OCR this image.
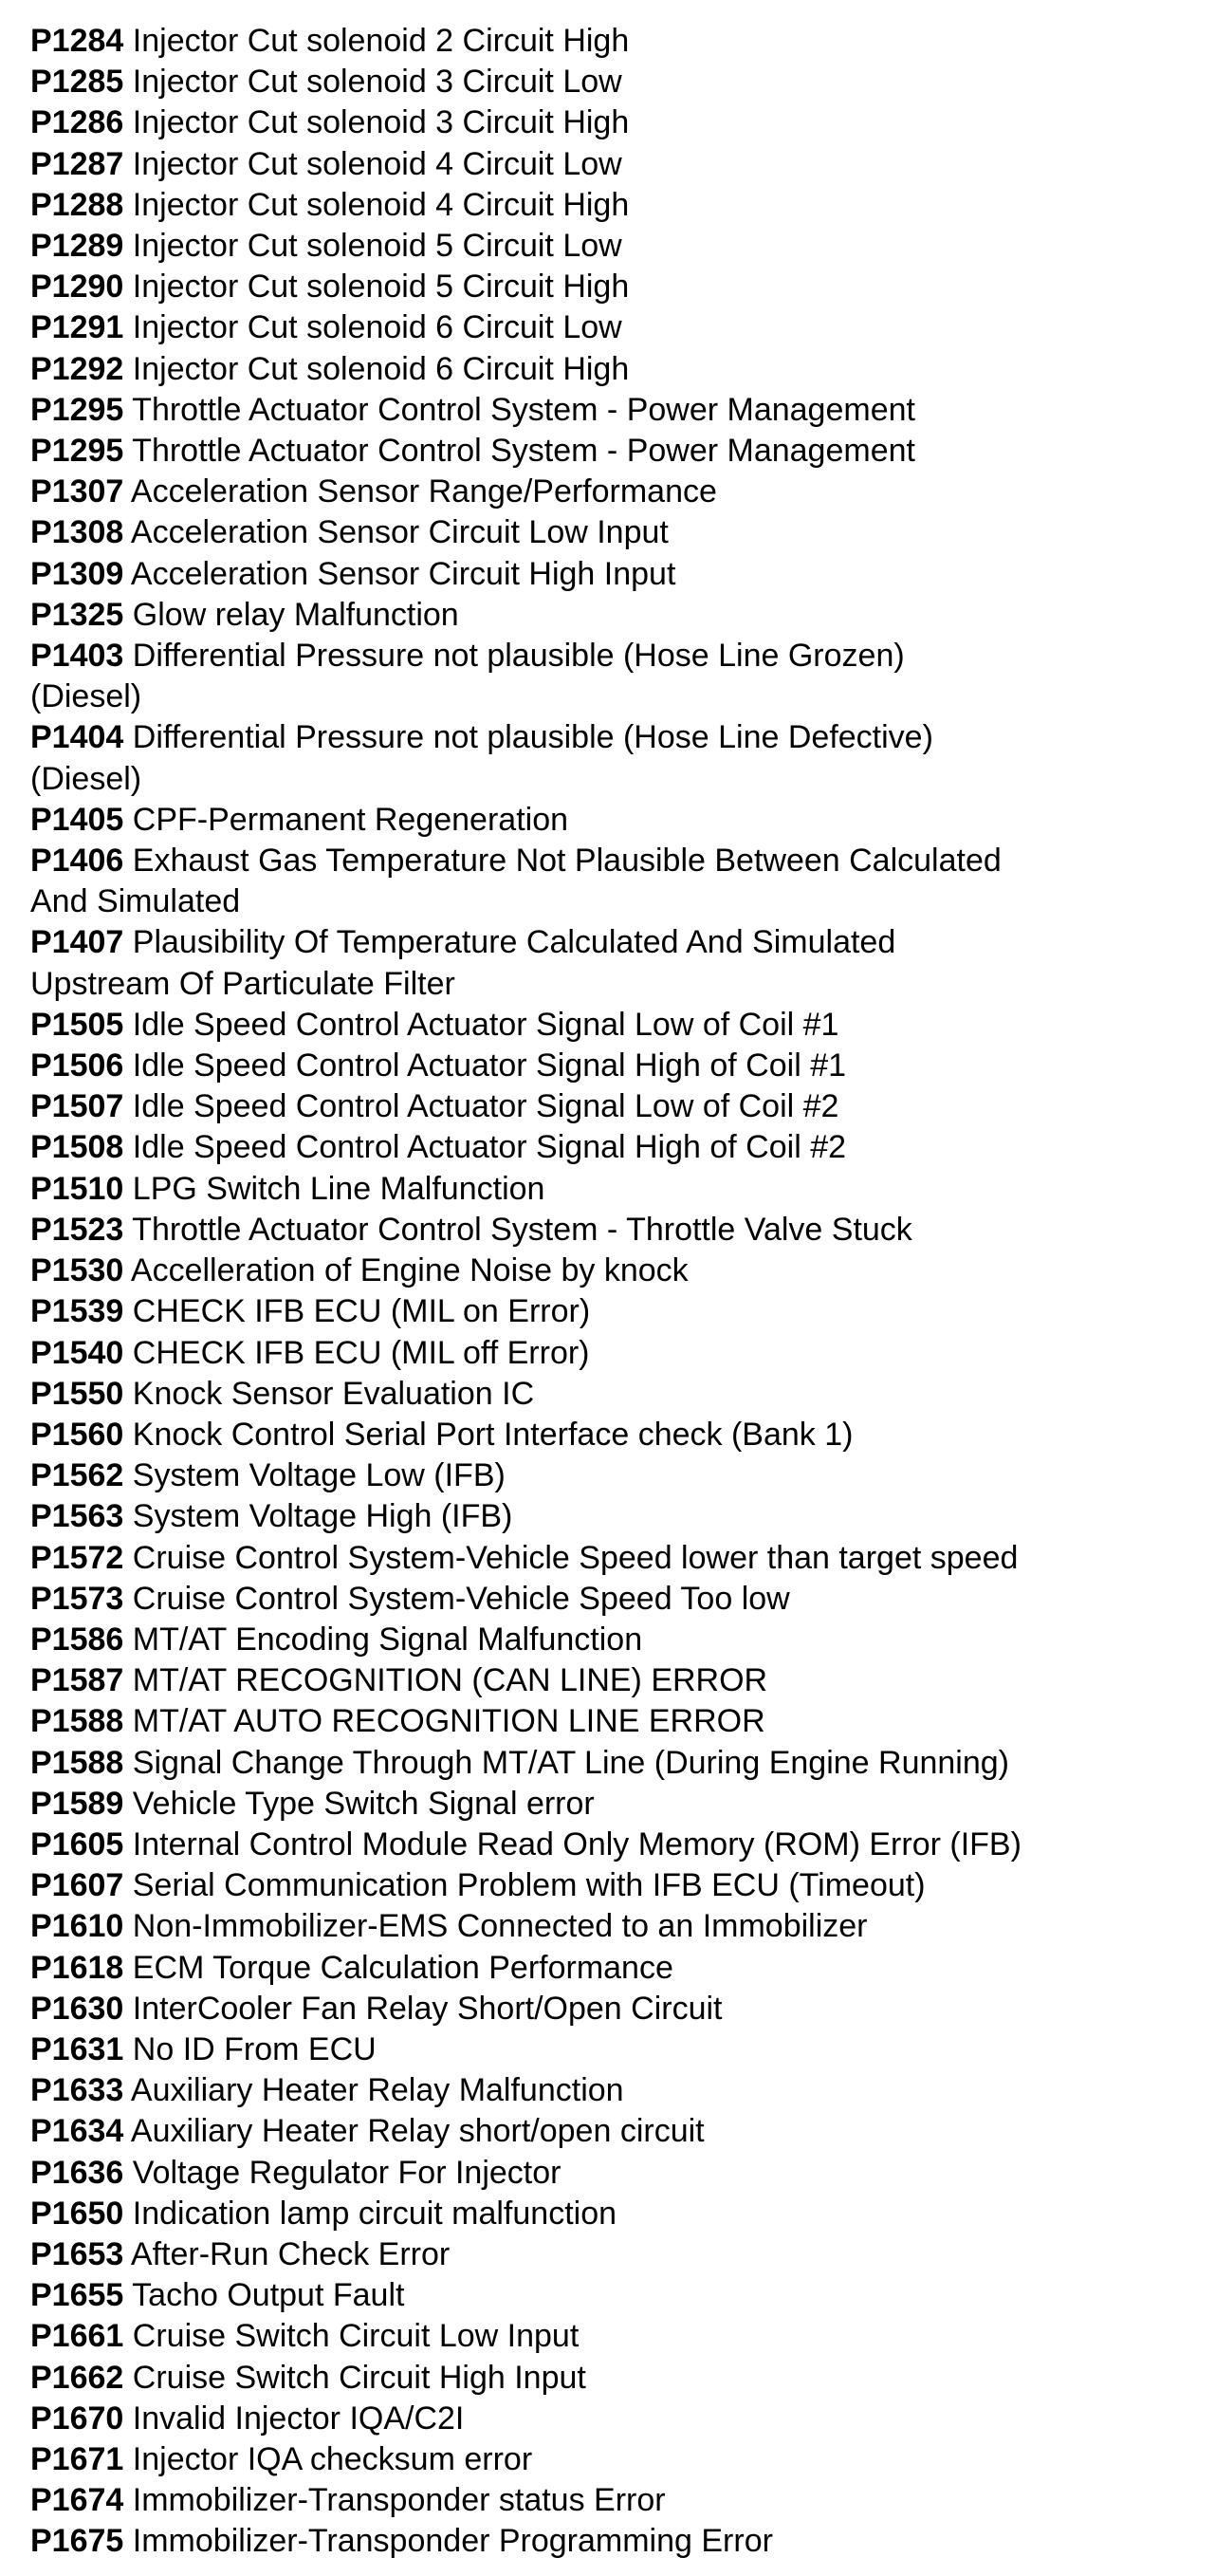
P1284 Injector Cut solenoid 2 Circuit High
P1285 Injector Cut solenoid 3 Circuit Low
P1286 Injector Cut solenoid 3 Circuit High
P1287 Injector Cut solenoid 4 Circuit Low
P1288 Injector Cut solenoid 4 Circuit High
P1289 Injector Cut solenoid 5 Circuit Low
P1290 Injector Cut solenoid 5 Circuit High
P1291 Injector Cut solenoid 6 Circuit Low
P1292 Injector Cut solenoid 6 Circuit High
P1295 Throttle Actuator Control System - Power Management
P1295 Throttle Actuator Control System - Power Management
P1307 Acceleration Sensor Range/Performance
P1308 Acceleration Sensor Circuit Low Input
P1309 Acceleration Sensor Circuit High Input
P1325 Glow relay Malfunction
P1403 Differential Pressure not plausible (Hose Line Grozen)
(Diesel)
P1404 Differential Pressure not plausible (Hose Line Defective)
(Diesel)
P1405 CPF-Permanent Regeneration
P1406 Exhaust Gas Temperature Not Plausible Between Calculated
And Simulated
P1407 Plausibility Of Temperature Calculated And Simulated
Upstream Of Particulate Filter
P1505 Idle Speed Control Actuator Signal Low of Coil #1
P1506 Idle Speed Control Actuator Signal High of Coil #1
P1507 Idle Speed Control Actuator Signal Low of Coil #2
P1508 Idle Speed Control Actuator Signal High of Coil #2
P1510 LPG Switch Line Malfunction
P1523 Throttle Actuator Control System - Throttle Valve Stuck
P1530 Accelleration of Engine Noise by knock
P1539 CHECK IFB ECU (MIL on Error)
P1540 CHECK IFB ECU (MIL off Error)
P1550 Knock Sensor Evaluation IC
P1560 Knock Control Serial Port Interface check (Bank 1)
P1562 System Voltage Low (IFB)
P1563 System Voltage High (IFB)
P1572 Cruise Control System-Vehicle Speed lower than target speed
P1573 Cruise Control System-Vehicle Speed Too low
P1586 MT/AT Encoding Signal Malfunction
P1587 MT/AT RECOGNITION (CAN LINE) ERROR
P1588 MT/AT AUTO RECOGNITION LINE ERROR
P1588 Signal Change Through MT/AT Line (During Engine Running)
P1589 Vehicle Type Switch Signal error
P1605 Internal Control Module Read Only Memory (ROM) Error (IFB)
P1607 Serial Communication Problem with IFB ECU (Timeout)
P1610 Non-Immobilizer-EMS Connected to an Immobilizer
P1618 ECM Torque Calculation Performance
P1630 InterCooler Fan Relay Short/Open Circuit
P1631 No ID From ECU
P1633 Auxiliary Heater Relay Malfunction
P1634 Auxiliary Heater Relay short/open circuit
P1636 Voltage Regulator For Injector
P1650 Indication lamp circuit malfunction
P1653 After-Run Check Error
P1655 Tacho Output Fault
P1661 Cruise Switch Circuit Low Input
P1662 Cruise Switch Circuit High Input
P1670 Invalid Injector IQA/C2I
P1671 Injector IQA checksum error
P1674 Immobilizer-Transponder status Error
P1675 Immobilizer-Transponder Programming Error
